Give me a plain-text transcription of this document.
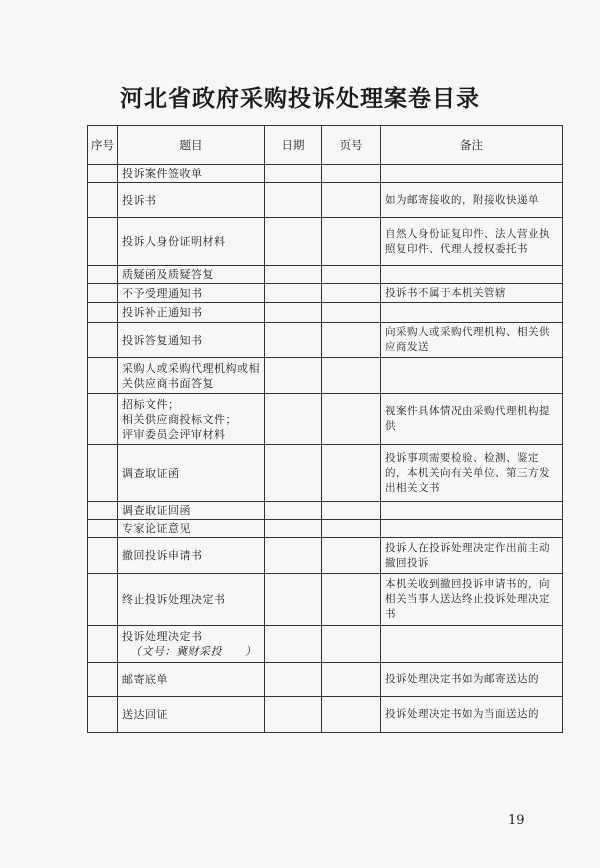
河北省政府采购投诉处理案卷目录
序号	题目	日期	页号	备注
	投诉案件签收单			
	投诉书			如为邮寄接收的，附接收快递单
	投诉人身份证明材料			自然人身份证复印件、法人营业执照复印件、代理人授权委托书
	质疑函及质疑答复			
	不予受理通知书			投诉书不属于本机关管辖
	投诉补正通知书			
	投诉答复通知书			向采购人或采购代理机构、相关供应商发送
	采购人或采购代理机构或相关供应商书面答复			
	招标文件；
相关供应商投标文件；
评审委员会评审材料			视案件具体情况由采购代理机构提供
	调查取证函			投诉事项需要检验、检测、鉴定的，本机关向有关单位、第三方发出相关文书
	调查取证回函			
	专家论证意见			
	撤回投诉申请书			投诉人在投诉处理决定作出前主动撤回投诉
	终止投诉处理决定书			本机关收到撤回投诉申请书的，向相关当事人送达终止投诉处理决定书
	投诉处理决定书
（文号：冀财采投　　）			

	邮寄底单			投诉处理决定书如为邮寄送达的
	送达回证			投诉处理决定书如为当面送达的
19
